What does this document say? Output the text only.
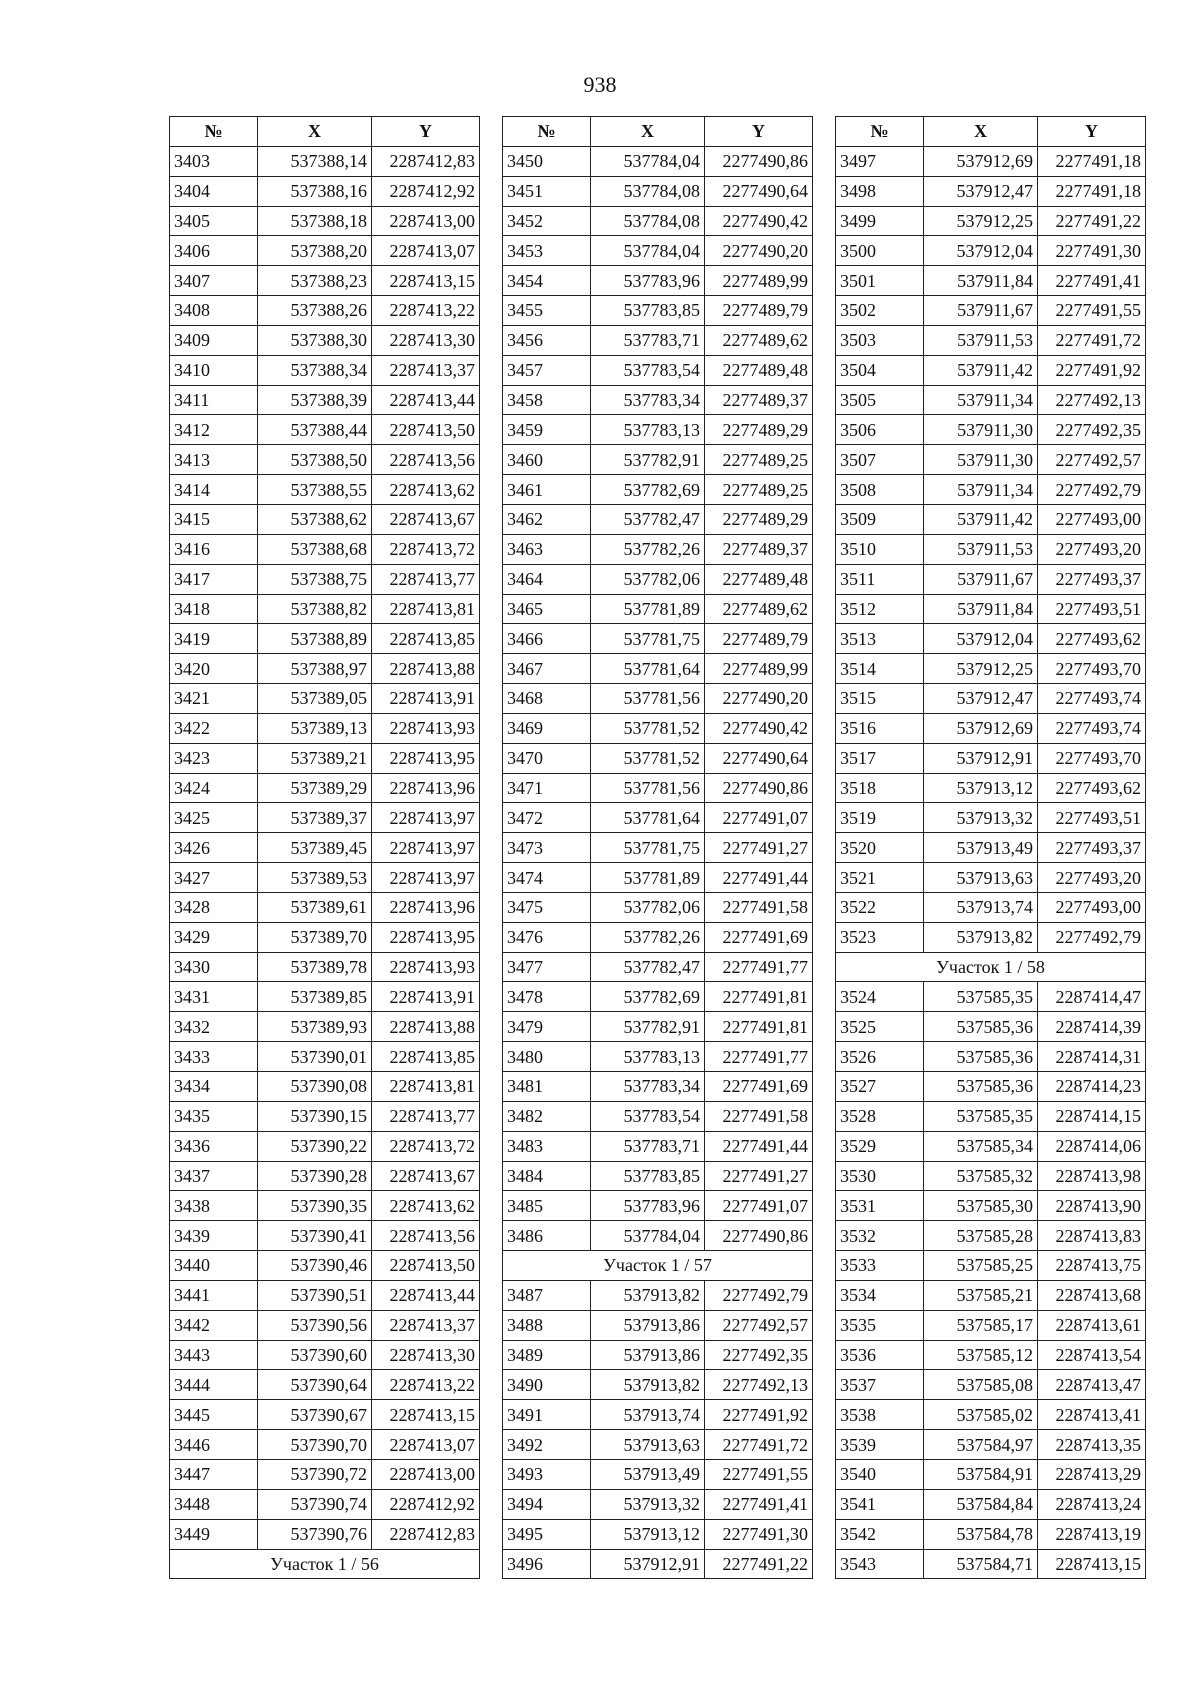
938
№	X	Y
3403	537388,14	2287412,83
3404	537388,16	2287412,92
3405	537388,18	2287413,00
3406	537388,20	2287413,07
3407	537388,23	2287413,15
3408	537388,26	2287413,22
3409	537388,30	2287413,30
3410	537388,34	2287413,37
3411	537388,39	2287413,44
3412	537388,44	2287413,50
3413	537388,50	2287413,56
3414	537388,55	2287413,62
3415	537388,62	2287413,67
3416	537388,68	2287413,72
3417	537388,75	2287413,77
3418	537388,82	2287413,81
3419	537388,89	2287413,85
3420	537388,97	2287413,88
3421	537389,05	2287413,91
3422	537389,13	2287413,93
3423	537389,21	2287413,95
3424	537389,29	2287413,96
3425	537389,37	2287413,97
3426	537389,45	2287413,97
3427	537389,53	2287413,97
3428	537389,61	2287413,96
3429	537389,70	2287413,95
3430	537389,78	2287413,93
3431	537389,85	2287413,91
3432	537389,93	2287413,88
3433	537390,01	2287413,85
3434	537390,08	2287413,81
3435	537390,15	2287413,77
3436	537390,22	2287413,72
3437	537390,28	2287413,67
3438	537390,35	2287413,62
3439	537390,41	2287413,56
3440	537390,46	2287413,50
3441	537390,51	2287413,44
3442	537390,56	2287413,37
3443	537390,60	2287413,30
3444	537390,64	2287413,22
3445	537390,67	2287413,15
3446	537390,70	2287413,07
3447	537390,72	2287413,00
3448	537390,74	2287412,92
3449	537390,76	2287412,83
Участок 1 / 56		
№	X	Y
3450	537784,04	2277490,86
3451	537784,08	2277490,64
3452	537784,08	2277490,42
3453	537784,04	2277490,20
3454	537783,96	2277489,99
3455	537783,85	2277489,79
3456	537783,71	2277489,62
3457	537783,54	2277489,48
3458	537783,34	2277489,37
3459	537783,13	2277489,29
3460	537782,91	2277489,25
3461	537782,69	2277489,25
3462	537782,47	2277489,29
3463	537782,26	2277489,37
3464	537782,06	2277489,48
3465	537781,89	2277489,62
3466	537781,75	2277489,79
3467	537781,64	2277489,99
3468	537781,56	2277490,20
3469	537781,52	2277490,42
3470	537781,52	2277490,64
3471	537781,56	2277490,86
3472	537781,64	2277491,07
3473	537781,75	2277491,27
3474	537781,89	2277491,44
3475	537782,06	2277491,58
3476	537782,26	2277491,69
3477	537782,47	2277491,77
3478	537782,69	2277491,81
3479	537782,91	2277491,81
3480	537783,13	2277491,77
3481	537783,34	2277491,69
3482	537783,54	2277491,58
3483	537783,71	2277491,44
3484	537783,85	2277491,27
3485	537783,96	2277491,07
3486	537784,04	2277490,86
Участок 1 / 57		
3487	537913,82	2277492,79
3488	537913,86	2277492,57
3489	537913,86	2277492,35
3490	537913,82	2277492,13
3491	537913,74	2277491,92
3492	537913,63	2277491,72
3493	537913,49	2277491,55
3494	537913,32	2277491,41
3495	537913,12	2277491,30
3496	537912,91	2277491,22
№	X	Y
3497	537912,69	2277491,18
3498	537912,47	2277491,18
3499	537912,25	2277491,22
3500	537912,04	2277491,30
3501	537911,84	2277491,41
3502	537911,67	2277491,55
3503	537911,53	2277491,72
3504	537911,42	2277491,92
3505	537911,34	2277492,13
3506	537911,30	2277492,35
3507	537911,30	2277492,57
3508	537911,34	2277492,79
3509	537911,42	2277493,00
3510	537911,53	2277493,20
3511	537911,67	2277493,37
3512	537911,84	2277493,51
3513	537912,04	2277493,62
3514	537912,25	2277493,70
3515	537912,47	2277493,74
3516	537912,69	2277493,74
3517	537912,91	2277493,70
3518	537913,12	2277493,62
3519	537913,32	2277493,51
3520	537913,49	2277493,37
3521	537913,63	2277493,20
3522	537913,74	2277493,00
3523	537913,82	2277492,79
Участок 1 / 58		
3524	537585,35	2287414,47
3525	537585,36	2287414,39
3526	537585,36	2287414,31
3527	537585,36	2287414,23
3528	537585,35	2287414,15
3529	537585,34	2287414,06
3530	537585,32	2287413,98
3531	537585,30	2287413,90
3532	537585,28	2287413,83
3533	537585,25	2287413,75
3534	537585,21	2287413,68
3535	537585,17	2287413,61
3536	537585,12	2287413,54
3537	537585,08	2287413,47
3538	537585,02	2287413,41
3539	537584,97	2287413,35
3540	537584,91	2287413,29
3541	537584,84	2287413,24
3542	537584,78	2287413,19
3543	537584,71	2287413,15
